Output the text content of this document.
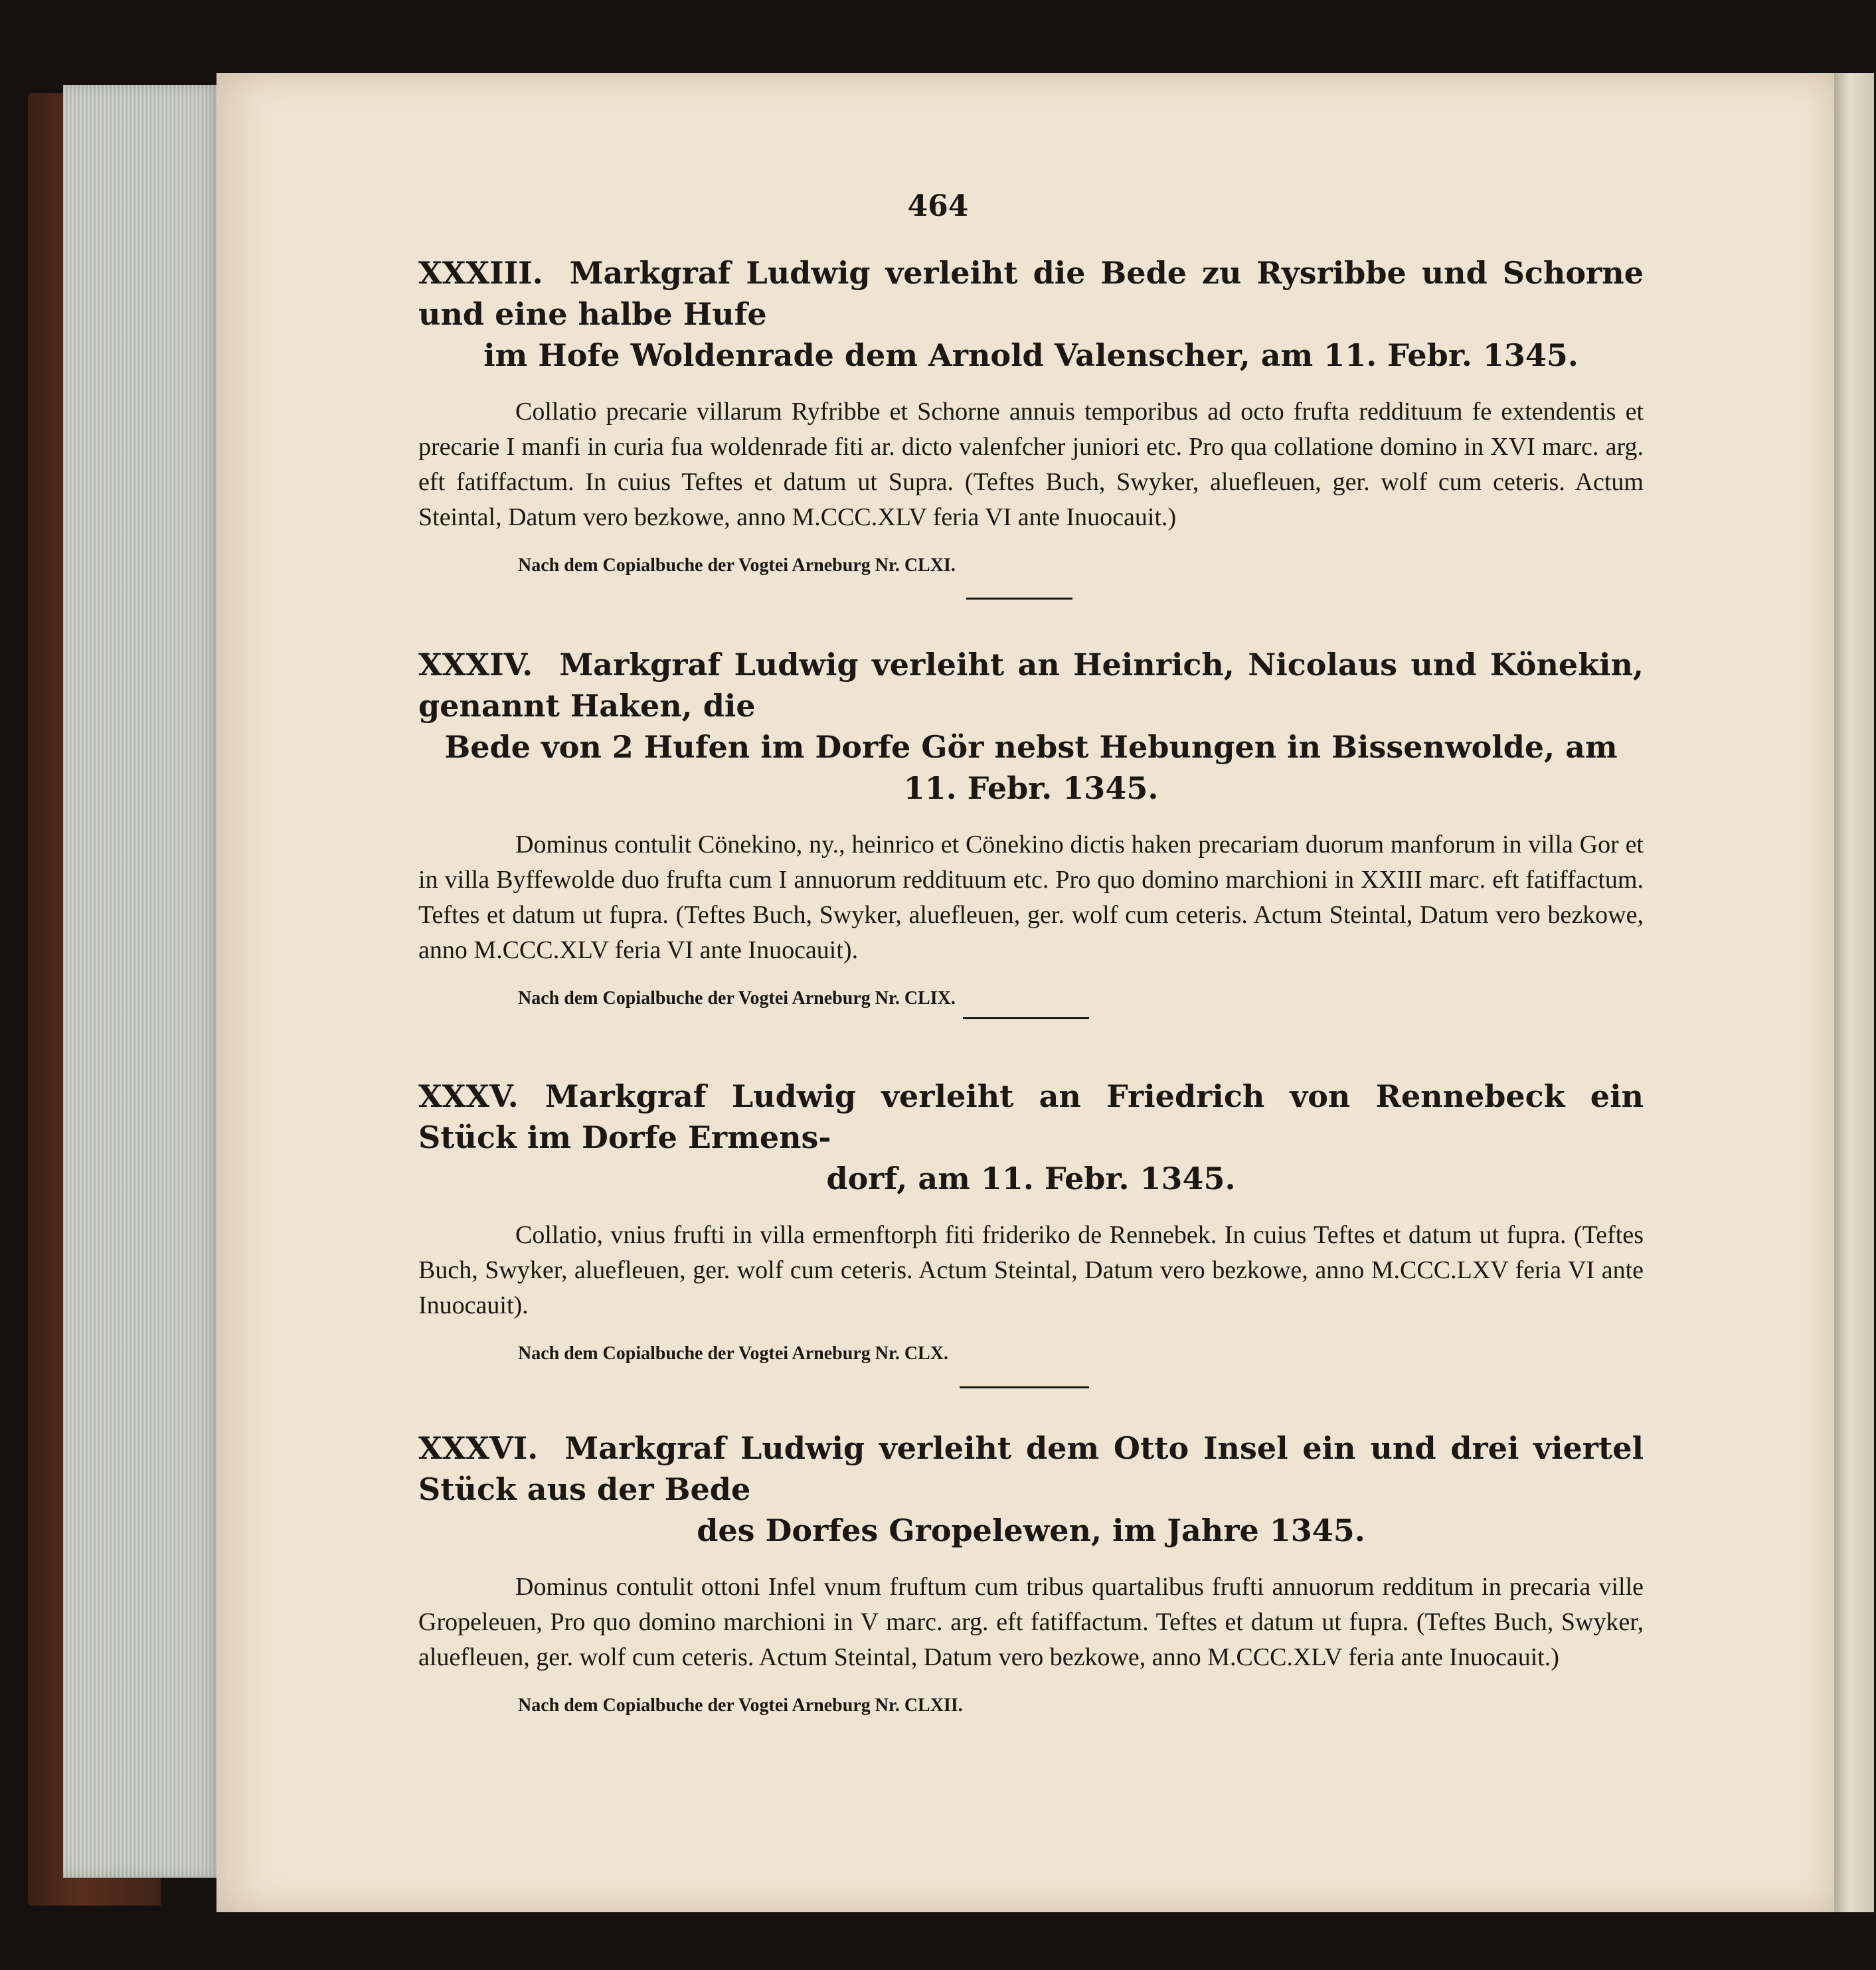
464
XXXIII. Markgraf Ludwig verleiht die Bede zu Rysribbe und Schorne und eine halbe Hufe
im Hofe Woldenrade dem Arnold Valenscher, am 11. Febr. 1345.
Collatio precarie villarum Ryfribbe et Schorne annuis temporibus ad octo frufta reddituum fe extendentis et precarie I manfi in curia fua woldenrade fiti ar. dicto valenfcher juniori etc. Pro qua collatione domino in XVI marc. arg. eft fatiffactum. In cuius Teftes et datum ut Supra. (Teftes Buch, Swyker, aluefleuen, ger. wolf cum ceteris. Actum Steintal, Datum vero bezkowe, anno M.CCC.XLV feria VI ante Inuocauit.)
Nach dem Copialbuche der Vogtei Arneburg Nr. CLXI.
XXXIV. Markgraf Ludwig verleiht an Heinrich, Nicolaus und Könekin, genannt Haken, die
Bede von 2 Hufen im Dorfe Gör nebst Hebungen in Bissenwolde, am 11. Febr. 1345.
Dominus contulit Cönekino, ny., heinrico et Cönekino dictis haken precariam duorum manforum in villa Gor et in villa Byffewolde duo frufta cum I annuorum reddituum etc. Pro quo domino marchioni in XXIII marc. eft fatiffactum. Teftes et datum ut fupra. (Teftes Buch, Swyker, aluefleuen, ger. wolf cum ceteris. Actum Steintal, Datum vero bezkowe, anno M.CCC.XLV feria VI ante Inuocauit).
Nach dem Copialbuche der Vogtei Arneburg Nr. CLIX.
XXXV. Markgraf Ludwig verleiht an Friedrich von Rennebeck ein Stück im Dorfe Ermens-
dorf, am 11. Febr. 1345.
Collatio, vnius frufti in villa ermenftorph fiti frideriko de Rennebek. In cuius Teftes et datum ut fupra. (Teftes Buch, Swyker, aluefleuen, ger. wolf cum ceteris. Actum Steintal, Datum vero bezkowe, anno M.CCC.LXV feria VI ante Inuocauit).
Nach dem Copialbuche der Vogtei Arneburg Nr. CLX.
XXXVI. Markgraf Ludwig verleiht dem Otto Insel ein und drei viertel Stück aus der Bede
des Dorfes Gropelewen, im Jahre 1345.
Dominus contulit ottoni Infel vnum fruftum cum tribus quartalibus frufti annuorum redditum in precaria ville Gropeleuen, Pro quo domino marchioni in V marc. arg. eft fatiffactum. Teftes et datum ut fupra. (Teftes Buch, Swyker, aluefleuen, ger. wolf cum ceteris. Actum Steintal, Datum vero bezkowe, anno M.CCC.XLV feria ante Inuocauit.)
Nach dem Copialbuche der Vogtei Arneburg Nr. CLXII.
